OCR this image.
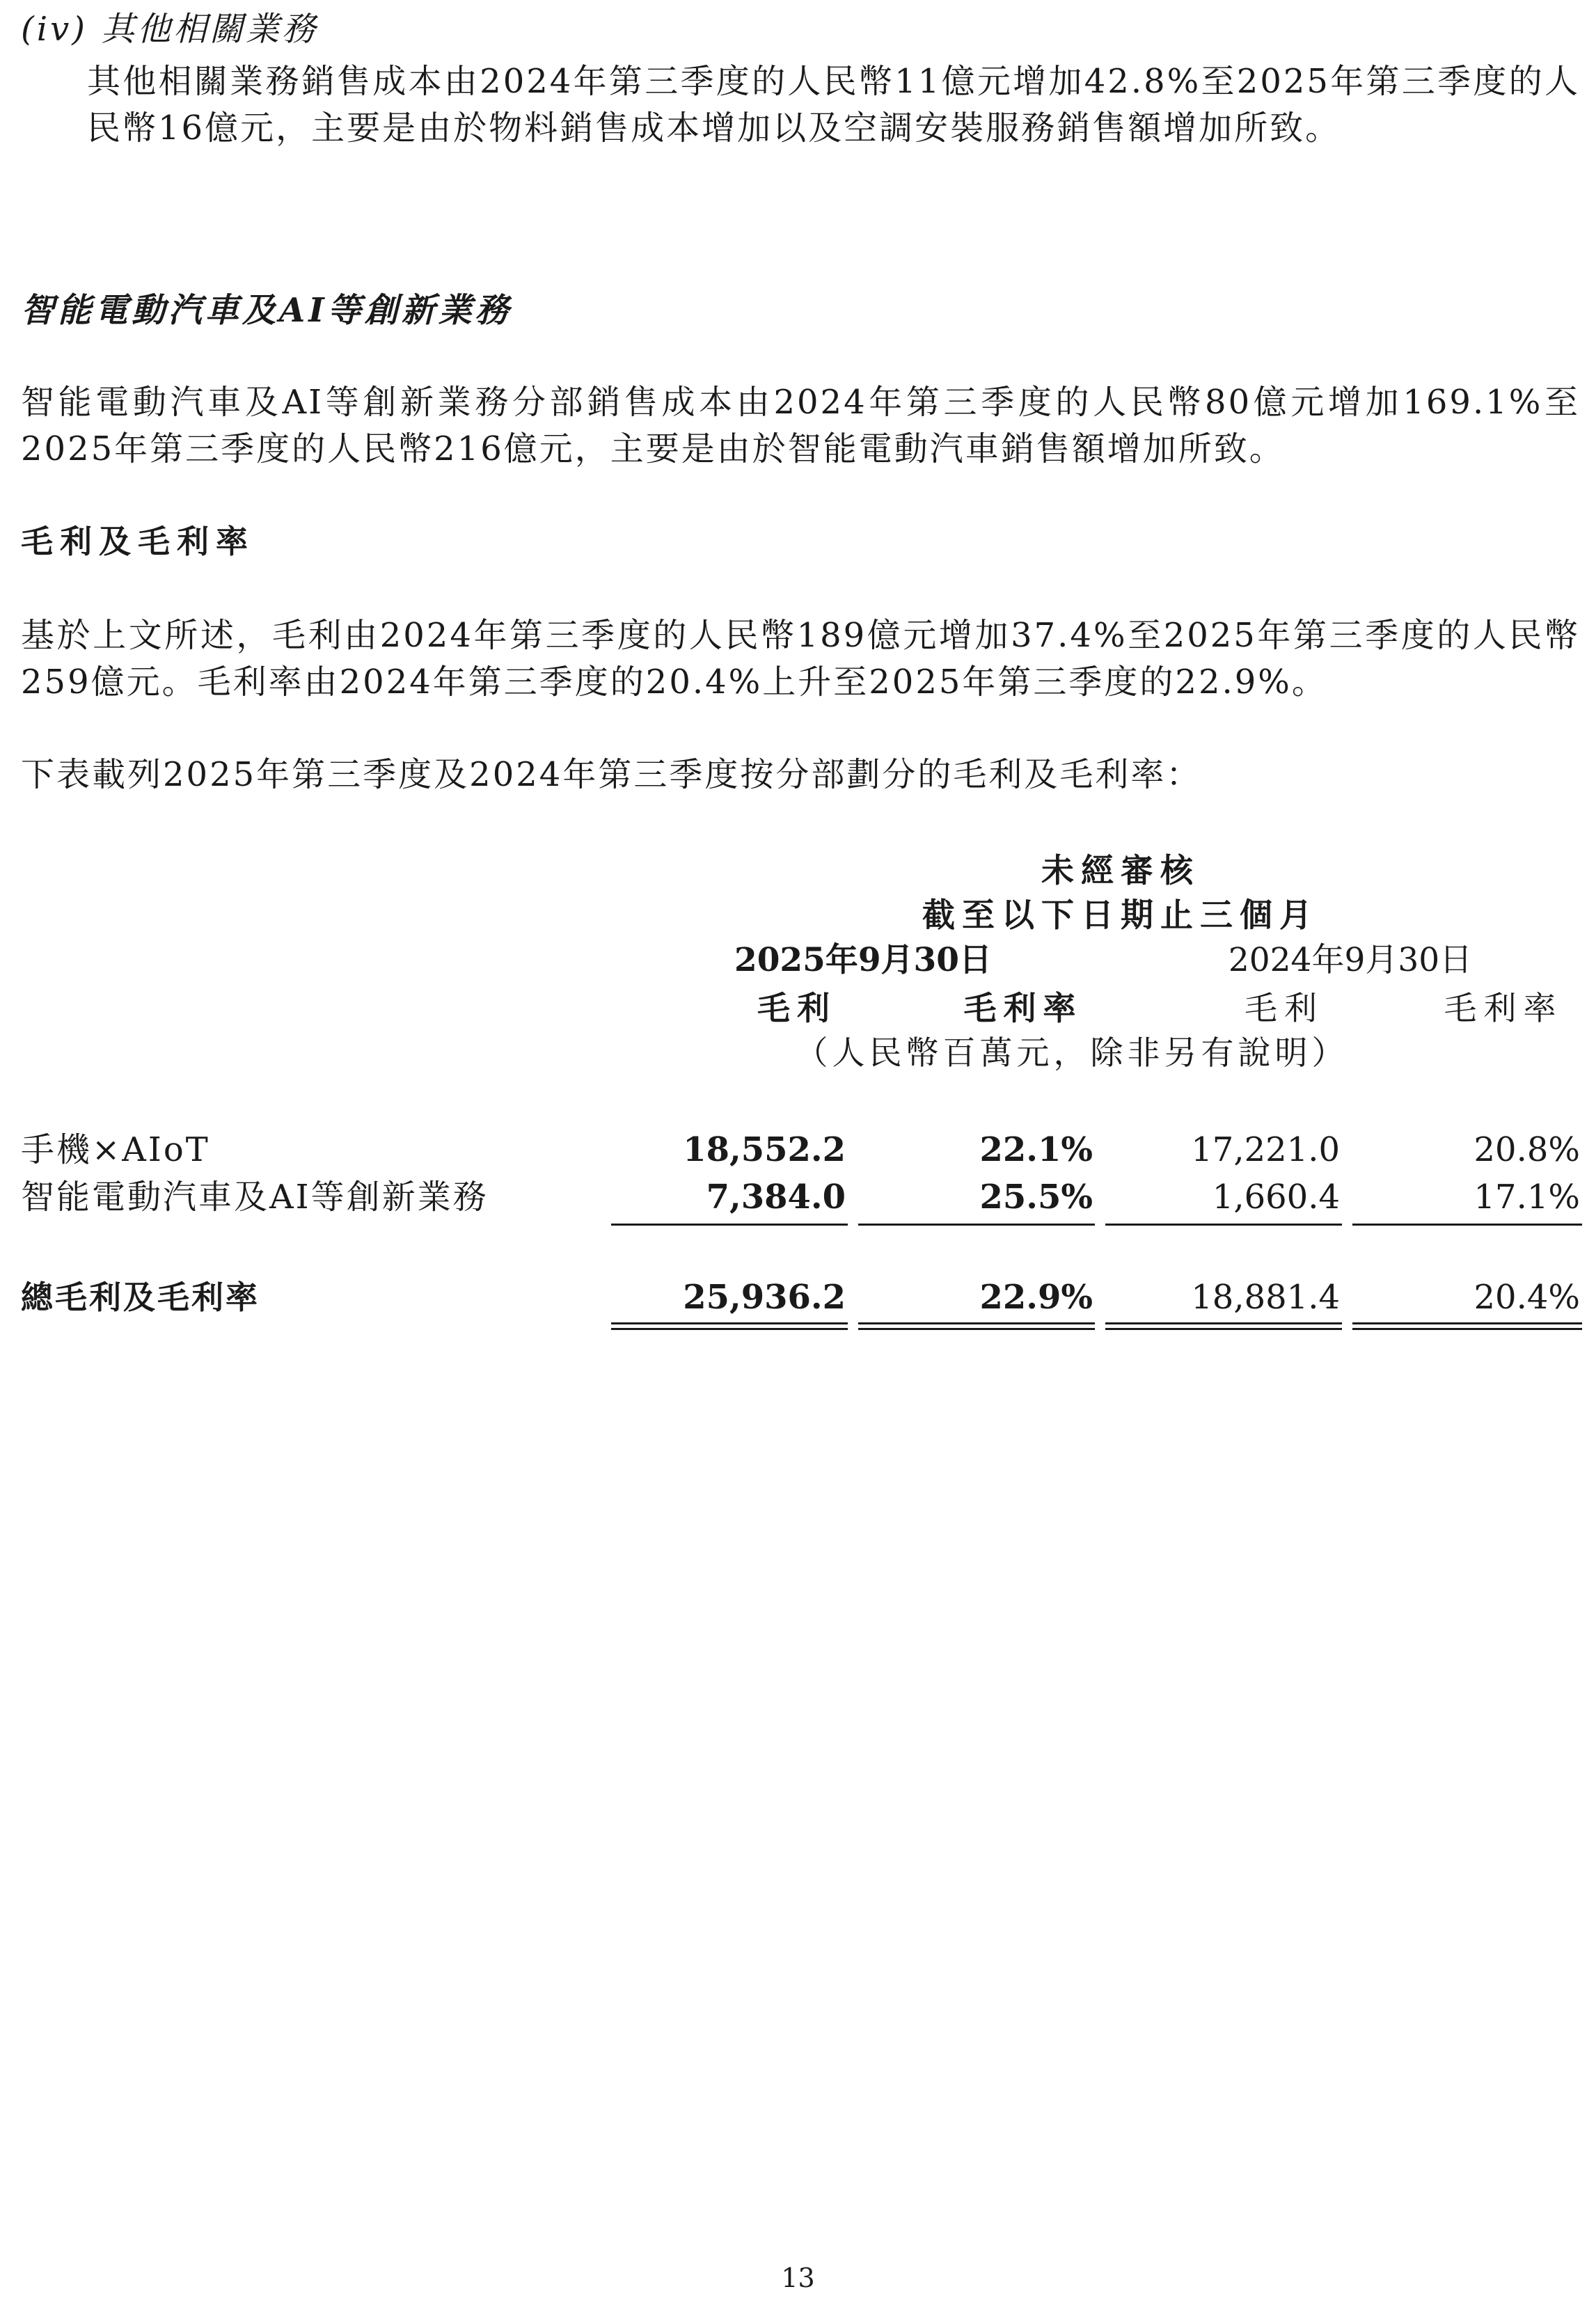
(iv) 其他相關業務
其他相關業務銷售成本由2024年第三季度的人民幣11億元增加42.8%至2025年第三季度的人民幣16億元，主要是由於物料銷售成本增加以及空調安裝服務銷售額增加所致。
智能電動汽車及AI等創新業務
智能電動汽車及AI等創新業務分部銷售成本由2024年第三季度的人民幣80億元增加169.1%至2025年第三季度的人民幣216億元，主要是由於智能電動汽車銷售額增加所致。
毛利及毛利率
基於上文所述，毛利由2024年第三季度的人民幣189億元增加37.4%至2025年第三季度的人民幣259億元。毛利率由2024年第三季度的20.4%上升至2025年第三季度的22.9%。
下表載列2025年第三季度及2024年第三季度按分部劃分的毛利及毛利率：
未經審核
截至以下日期止三個月
2025年9月30日	2024年9月30日
毛利	毛利率	毛利	毛利率
（人民幣百萬元，除非另有說明）
手機×AIoT	18,552.2	22.1%	17,221.0	20.8%
智能電動汽車及AI等創新業務	7,384.0	25.5%	1,660.4	17.1%
總毛利及毛利率	25,936.2	22.9%	18,881.4	20.4%
13
